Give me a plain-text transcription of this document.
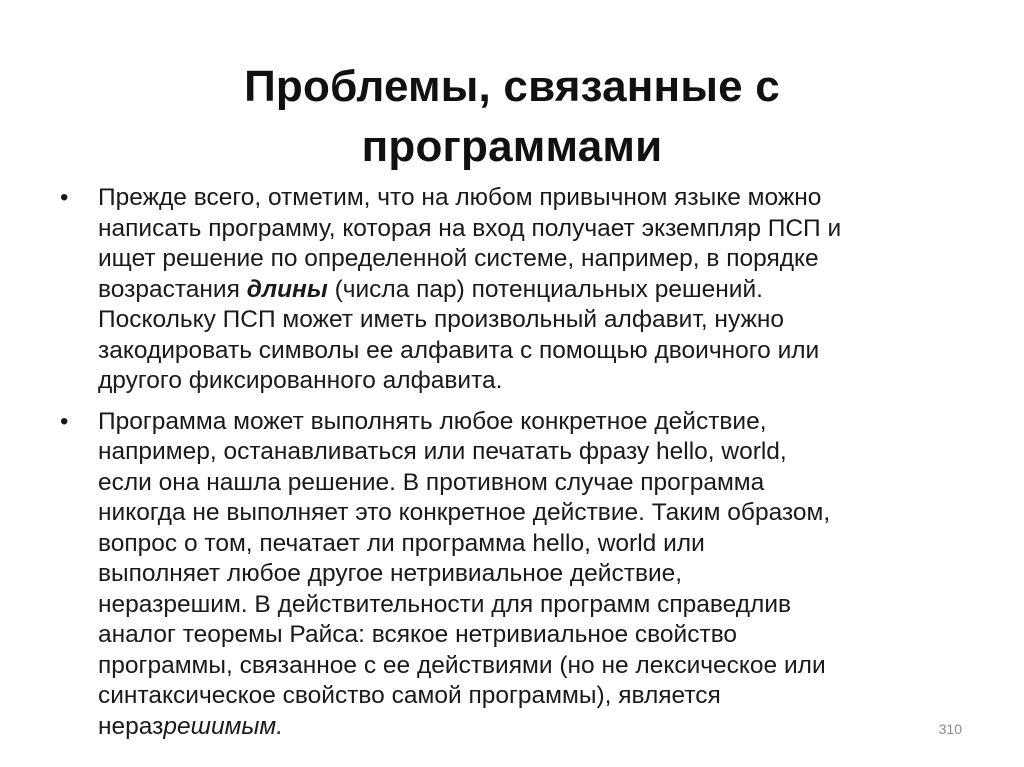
Проблемы, связанные с
программами
• Прежде всего, отметим, что на любом привычном языке можно
написать программу, которая на вход получает экземпляр ПСП и
ищет решение по определенной системе, например, в порядке
возрастания длины (числа пар) потенциальных решений.
Поскольку ПСП может иметь произвольный алфавит, нужно
закодировать символы ее алфавита с помощью двоичного или
другого фиксированного алфавита.
• Программа может выполнять любое конкретное действие,
например, останавливаться или печатать фразу hello, world,
если она нашла решение. В противном случае программа
никогда не выполняет это конкретное действие. Таким образом,
вопрос о том, печатает ли программа hello, world или
выполняет любое другое нетривиальное действие,
неразрешим. В действительности для программ справедлив
аналог теоремы Райса: всякое нетривиальное свойство
программы, связанное с ее действиями (но не лексическое или
синтаксическое свойство самой программы), является
неразрешимым.	310
